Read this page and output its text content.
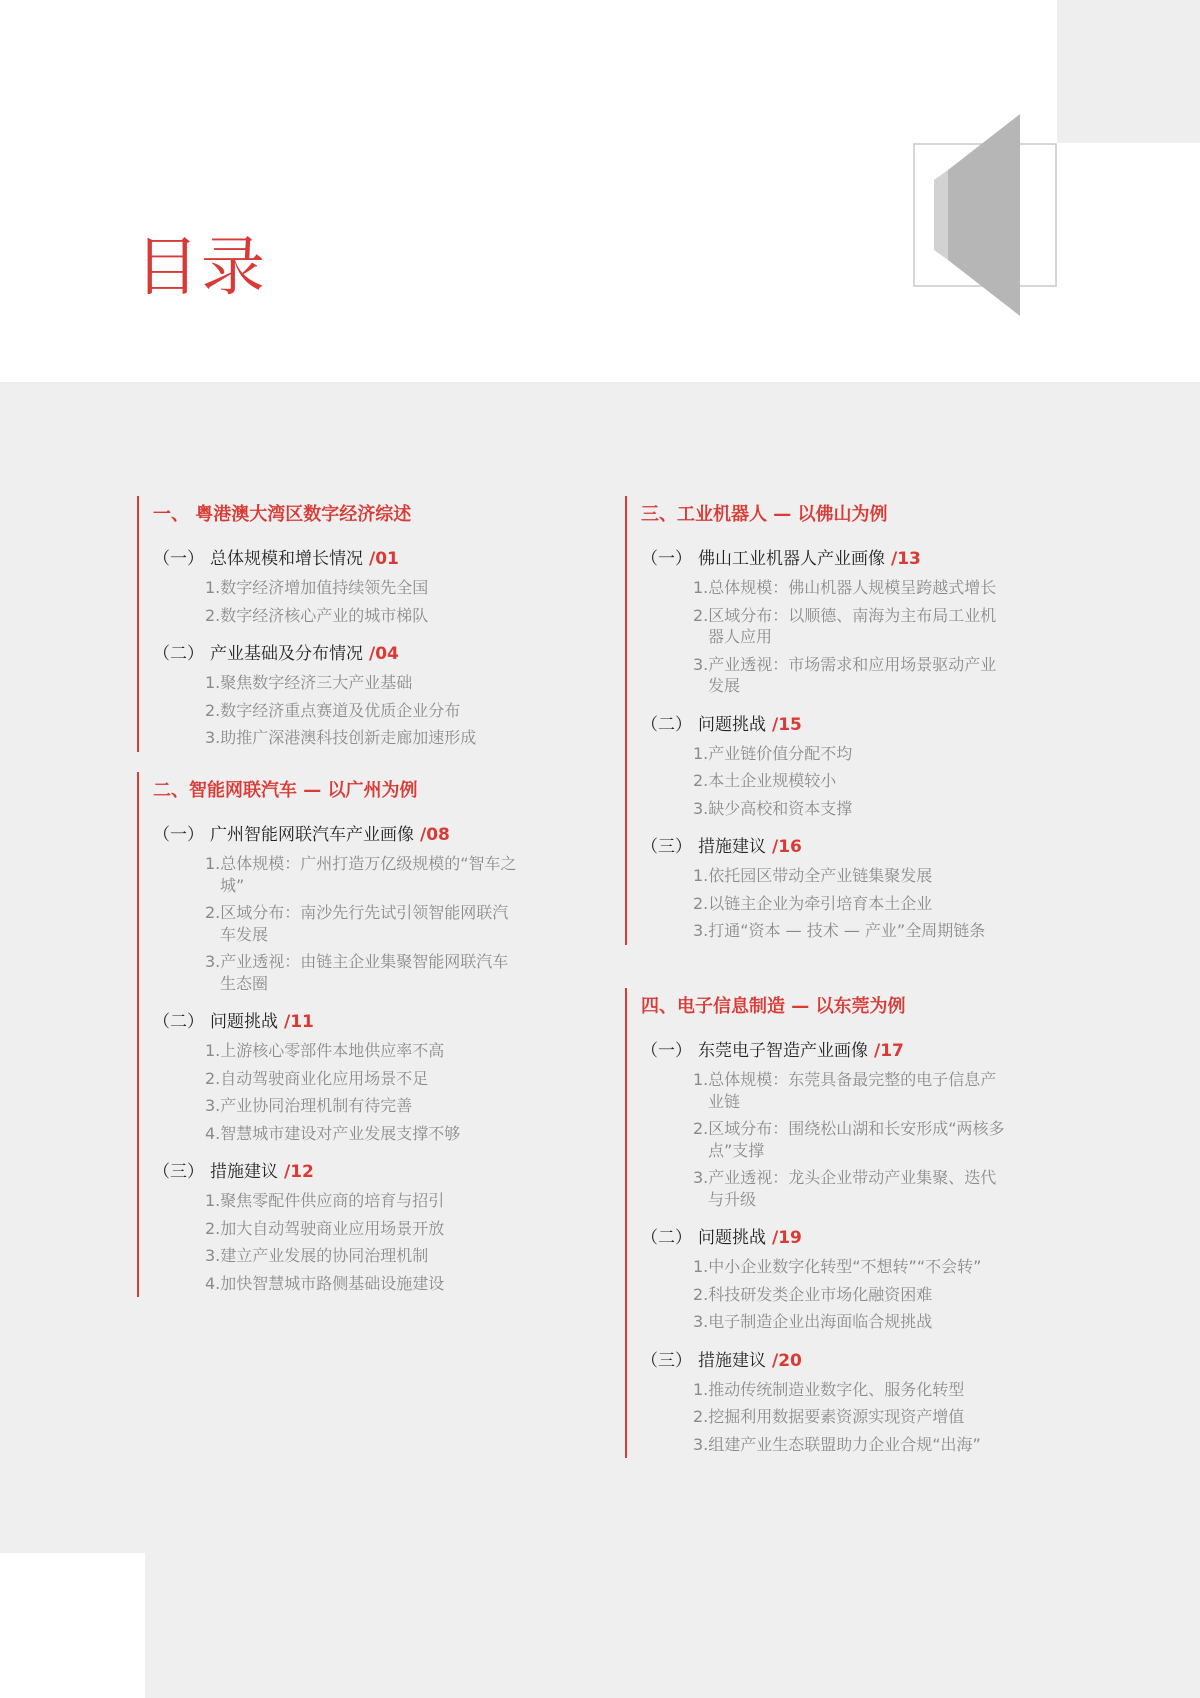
目录
一、 粤港澳大湾区数字经济综述
（一） 总体规模和增长情况 /01
1.数字经济增加值持续领先全国
2.数字经济核心产业的城市梯队
（二） 产业基础及分布情况 /04
1.聚焦数字经济三大产业基础
2.数字经济重点赛道及优质企业分布
3.助推广深港澳科技创新走廊加速形成
二、智能网联汽车 — 以广州为例
（一） 广州智能网联汽车产业画像 /08
1.总体规模：广州打造万亿级规模的“智车之城”
2.区域分布：南沙先行先试引领智能网联汽车发展
3.产业透视：由链主企业集聚智能网联汽车生态圈
（二） 问题挑战 /11
1.上游核心零部件本地供应率不高
2.自动驾驶商业化应用场景不足
3.产业协同治理机制有待完善
4.智慧城市建设对产业发展支撑不够
（三） 措施建议 /12
1.聚焦零配件供应商的培育与招引
2.加大自动驾驶商业应用场景开放
3.建立产业发展的协同治理机制
4.加快智慧城市路侧基础设施建设
三、工业机器人 — 以佛山为例
（一） 佛山工业机器人产业画像 /13
1.总体规模：佛山机器人规模呈跨越式增长
2.区域分布：以顺德、南海为主布局工业机器人应用
3.产业透视：市场需求和应用场景驱动产业发展
（二） 问题挑战 /15
1.产业链价值分配不均
2.本土企业规模较小
3.缺少高校和资本支撑
（三） 措施建议 /16
1.依托园区带动全产业链集聚发展
2.以链主企业为牵引培育本土企业
3.打通“资本 — 技术 — 产业”全周期链条
四、电子信息制造 — 以东莞为例
（一） 东莞电子智造产业画像 /17
1.总体规模：东莞具备最完整的电子信息产业链
2.区域分布：围绕松山湖和长安形成“两核多点”支撑
3.产业透视：龙头企业带动产业集聚、迭代与升级
（二） 问题挑战 /19
1.中小企业数字化转型“不想转”“不会转”
2.科技研发类企业市场化融资困难
3.电子制造企业出海面临合规挑战
（三） 措施建议 /20
1.推动传统制造业数字化、服务化转型
2.挖掘利用数据要素资源实现资产增值
3.组建产业生态联盟助力企业合规“出海”
